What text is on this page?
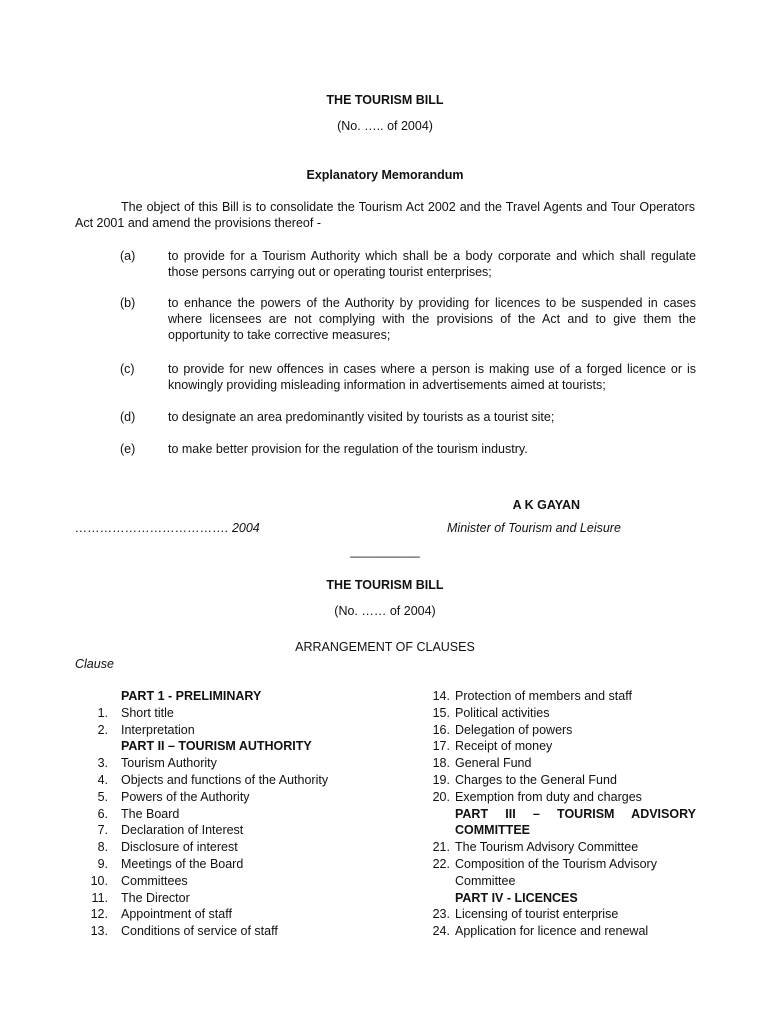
THE TOURISM BILL
(No. ….. of 2004)
Explanatory Memorandum
The object of this Bill is to consolidate the Tourism Act 2002 and the Travel Agents and Tour Operators Act 2001 and amend the provisions thereof -
(a)	to provide for a Tourism Authority which shall be a body corporate and which shall regulate those persons carrying out or operating tourist enterprises;
(b)	to enhance the powers of the Authority by providing for licences to be suspended in cases where licensees are not complying with the provisions of the Act and to give them the opportunity to take corrective measures;
(c)	to provide for new offences in cases where a person is making use of a forged licence or is knowingly providing misleading information in advertisements aimed at tourists;
(d)	to designate an area predominantly visited by tourists as a tourist site;
(e)	to make better provision for the regulation of the tourism industry.
A K GAYAN
………………………………. 2004	Minister of Tourism and Leisure
__________
THE TOURISM BILL
(No. …… of 2004)
ARRANGEMENT OF CLAUSES
Clause
PART 1 - PRELIMINARY
1. Short title
2. Interpretation
PART II – TOURISM AUTHORITY
3. Tourism Authority
4. Objects and functions of the Authority
5. Powers of the Authority
6. The Board
7. Declaration of Interest
8. Disclosure of interest
9. Meetings of the Board
10. Committees
11. The Director
12. Appointment of staff
13. Conditions of service of staff
14. Protection of members and staff
15. Political activities
16. Delegation of powers
17. Receipt of money
18. General Fund
19. Charges to the General Fund
20. Exemption from duty and charges
PART III – TOURISM ADVISORY
COMMITTEE
21. The Tourism Advisory Committee
22. Composition of the Tourism Advisory
Committee
PART IV - LICENCES
23. Licensing of tourist enterprise
24. Application for licence and renewal
